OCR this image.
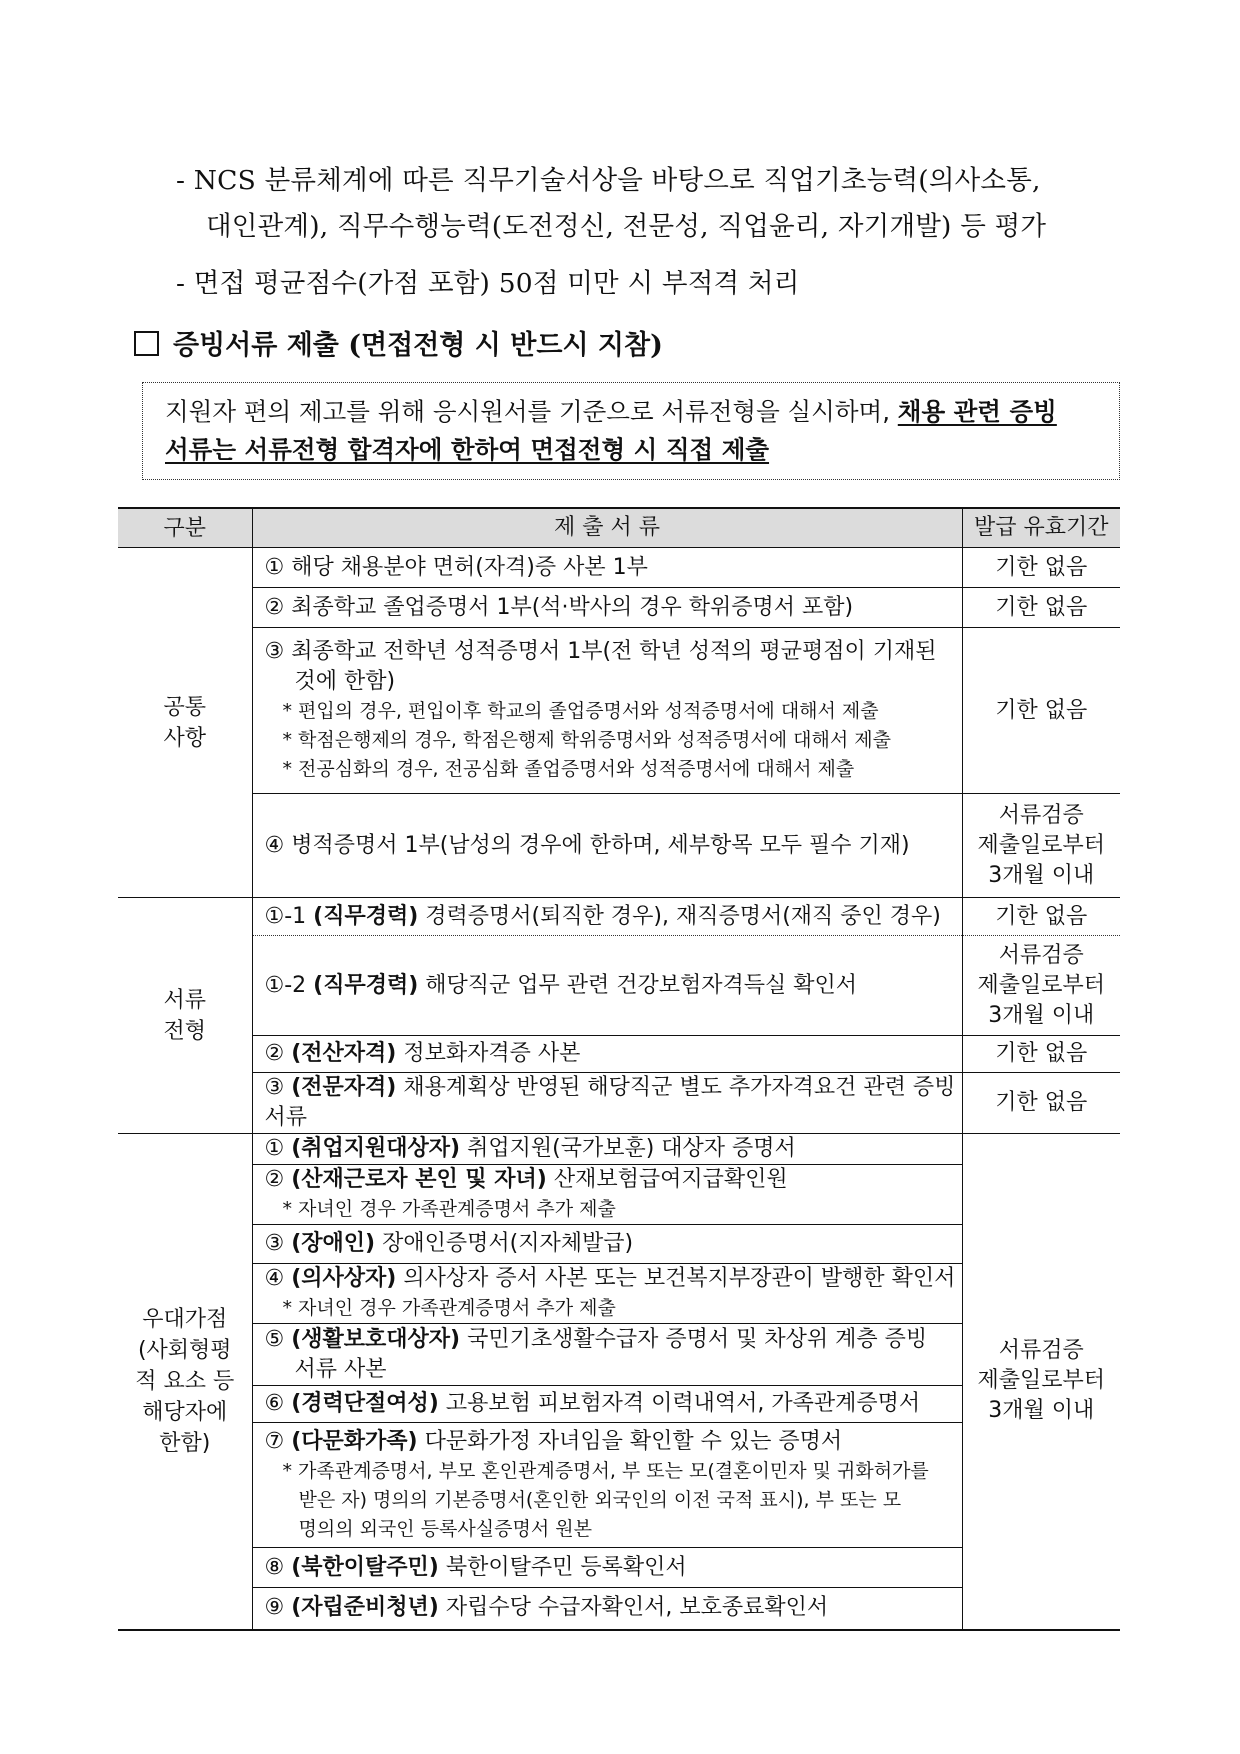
- NCS 분류체계에 따른 직무기술서상을 바탕으로 직업기초능력(의사소통,
대인관계), 직무수행능력(도전정신, 전문성, 직업윤리, 자기개발) 등 평가
- 면접 평균점수(가점 포함) 50점 미만 시 부적격 처리
증빙서류 제출 (면접전형 시 반드시 지참)
지원자 편의 제고를 위해 응시원서를 기준으로 서류전형을 실시하며, 채용 관련 증빙
서류는 서류전형 합격자에 한하여 면접전형 시 직접 제출
구분	제 출 서 류	발급 유효기간
공통
사항	① 해당 채용분야 면허(자격)증 사본 1부	기한 없음
	② 최종학교 졸업증명서 1부(석·박사의 경우 학위증명서 포함)	기한 없음

	③ 최종학교 전학년 성적증명서 1부(전 학년 성적의 평균평점이 기재된
것에 한함)
* 편입의 경우, 편입이후 학교의 졸업증명서와 성적증명서에 대해서 제출
* 학점은행제의 경우, 학점은행제 학위증명서와 성적증명서에 대해서 제출
* 전공심화의 경우, 전공심화 졸업증명서와 성적증명서에 대해서 제출	기한 없음
	④ 병적증명서 1부(남성의 경우에 한하며, 세부항목 모두 필수 기재)	서류검증
제출일로부터
3개월 이내
서류
전형	①-1 (직무경력) 경력증명서(퇴직한 경우), 재직증명서(재직 중인 경우)	기한 없음
	①-2 (직무경력) 해당직군 업무 관련 건강보험자격득실 확인서	서류검증
제출일로부터
3개월 이내
	② (전산자격) 정보화자격증 사본	기한 없음
	③ (전문자격) 채용계획상 반영된 해당직군 별도 추가자격요건 관련 증빙서류	기한 없음
우대가점
(사회형평
적 요소 등
해당자에
한함)	① (취업지원대상자) 취업지원(국가보훈) 대상자 증명서	서류검증
제출일로부터
3개월 이내

	② (산재근로자 본인 및 자녀) 산재보험급여지급확인원
* 자녀인 경우 가족관계증명서 추가 제출	

	③ (장애인) 장애인증명서(지자체발급)	

	④ (의사상자) 의사상자 증서 사본 또는 보건복지부장관이 발행한 확인서
* 자녀인 경우 가족관계증명서 추가 제출	

	⑤ (생활보호대상자) 국민기초생활수급자 증명서 및 차상위 계층 증빙
서류 사본	

	⑥ (경력단절여성) 고용보험 피보험자격 이력내역서, 가족관계증명서	

	⑦ (다문화가족) 다문화가정 자녀임을 확인할 수 있는 증명서
* 가족관계증명서, 부모 혼인관계증명서, 부 또는 모(결혼이민자 및 귀화허가를
받은 자) 명의의 기본증명서(혼인한 외국인의 이전 국적 표시), 부 또는 모
명의의 외국인 등록사실증명서 원본	

	⑧ (북한이탈주민) 북한이탈주민 등록확인서	
	⑨ (자립준비청년) 자립수당 수급자확인서, 보호종료확인서	
